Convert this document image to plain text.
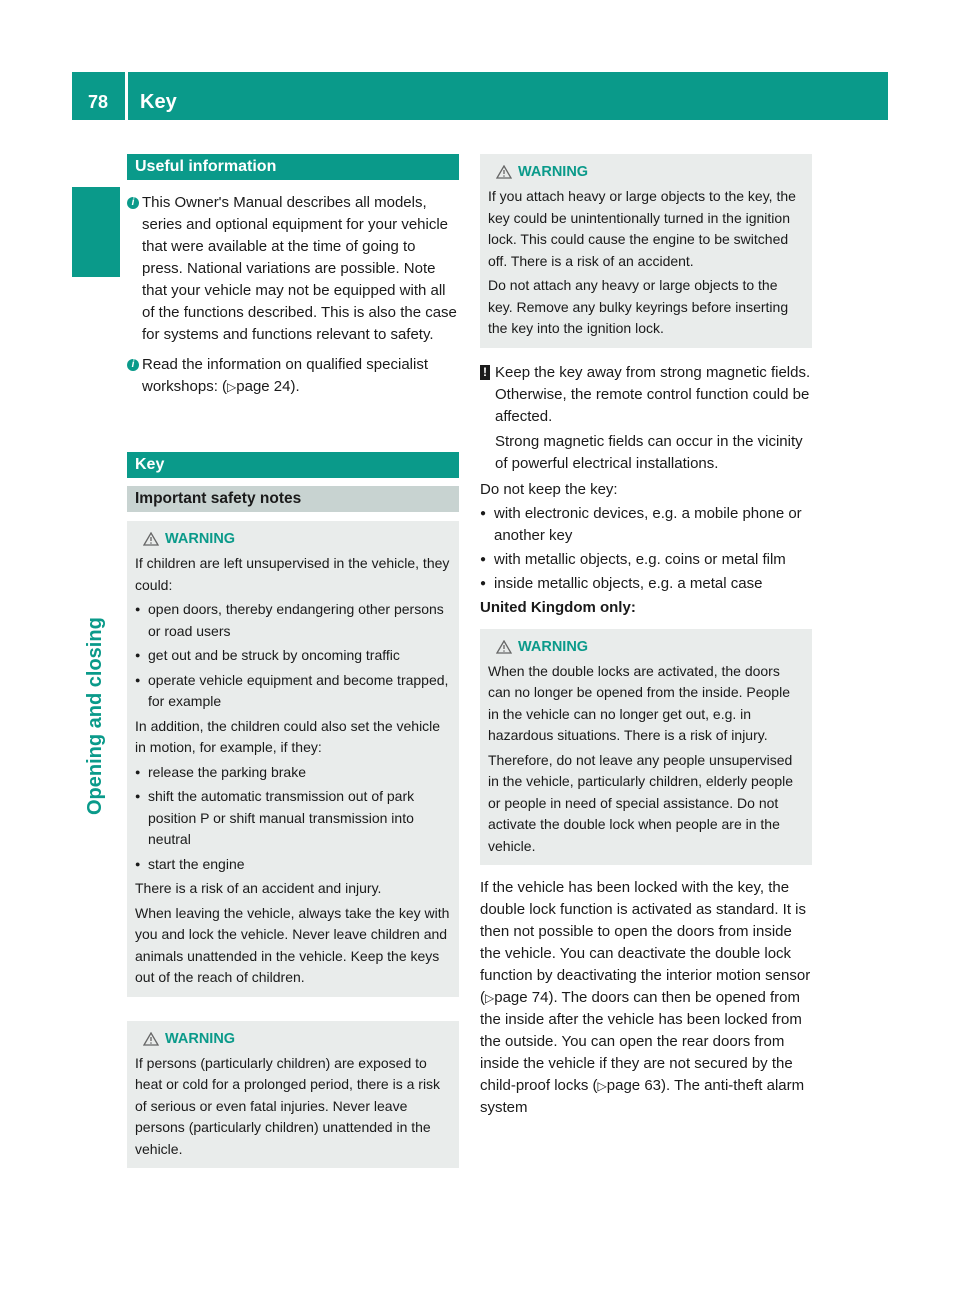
78	Key
Opening and closing
Useful information
i This Owner's Manual describes all models, series and optional equipment for your vehicle that were available at the time of going to press. National variations are possible. Note that your vehicle may not be equipped with all of the functions described. This is also the case for systems and functions relevant to safety.
i Read the information on qualified specialist workshops: (▷page 24).
Key
Important safety notes
WARNING

If children are left unsupervised in the vehicle, they could:

● open doors, thereby endangering other persons or road users
● get out and be struck by oncoming traffic
● operate vehicle equipment and become trapped, for example

In addition, the children could also set the vehicle in motion, for example, if they:

● release the parking brake
● shift the automatic transmission out of park position P or shift manual transmission into neutral
● start the engine

There is a risk of an accident and injury.

When leaving the vehicle, always take the key with you and lock the vehicle. Never leave children and animals unattended in the vehicle. Keep the keys out of the reach of children.

WARNING

If persons (particularly children) are exposed to heat or cold for a prolonged period, there is a risk of serious or even fatal injuries. Never leave persons (particularly children) unattended in the vehicle.

WARNING

If you attach heavy or large objects to the key, the key could be unintentionally turned in the ignition lock. This could cause the engine to be switched off. There is a risk of an accident.

Do not attach any heavy or large objects to the key. Remove any bulky keyrings before inserting the key into the ignition lock.

! Keep the key away from strong magnetic fields. Otherwise, the remote control function could be affected.

Strong magnetic fields can occur in the vicinity of powerful electrical installations.

Do not keep the key:

● with electronic devices, e.g. a mobile phone or another key
● with metallic objects, e.g. coins or metal film
● inside metallic objects, e.g. a metal case

United Kingdom only:

WARNING

When the double locks are activated, the doors can no longer be opened from the inside. People in the vehicle can no longer get out, e.g. in hazardous situations. There is a risk of injury.

Therefore, do not leave any people unsupervised in the vehicle, particularly children, elderly people or people in need of special assistance. Do not activate the double lock when people are in the vehicle.

If the vehicle has been locked with the key, the double lock function is activated as standard. It is then not possible to open the doors from inside the vehicle. You can deactivate the double lock function by deactivating the interior motion sensor (▷page 74). The doors can then be opened from the inside after the vehicle has been locked from the outside. You can open the rear doors from inside the vehicle if they are not secured by the child-proof locks (▷page 63). The anti-theft alarm system
